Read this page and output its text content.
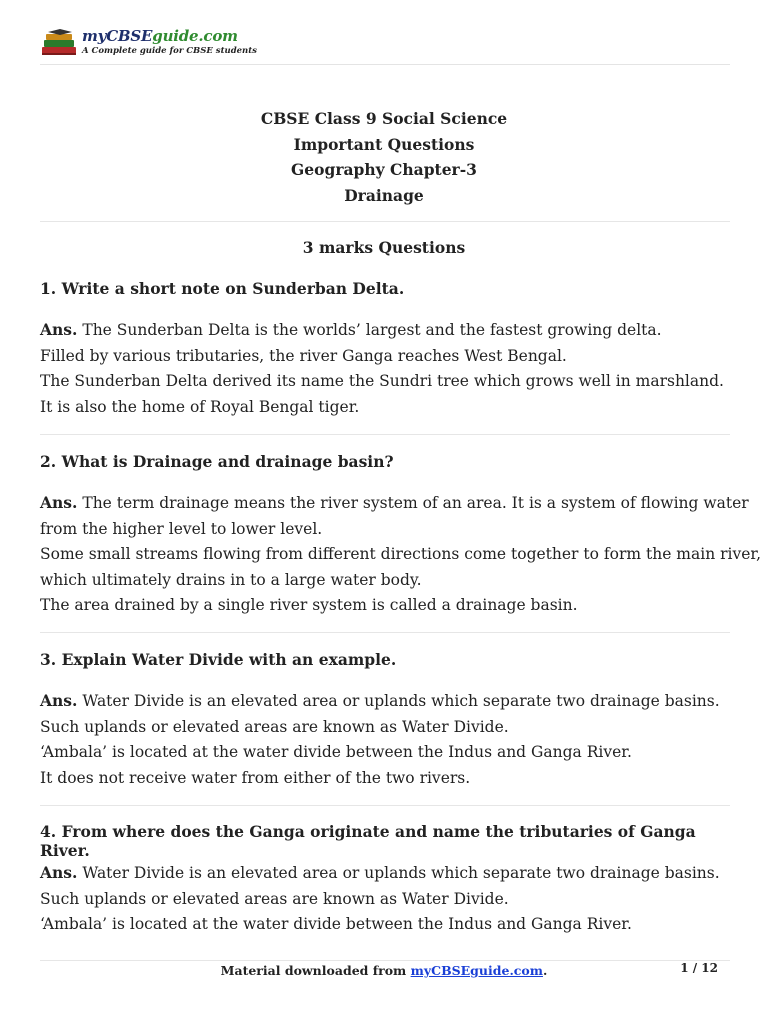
myCBSEguide.com
A Complete guide for CBSE students
CBSE Class 9 Social Science
Important Questions
Geography Chapter-3
Drainage
3 marks Questions
1. Write a short note on Sunderban Delta.
Ans. The Sunderban Delta is the worlds’ largest and the fastest growing delta.
Filled by various tributaries, the river Ganga reaches West Bengal.
The Sunderban Delta derived its name the Sundri tree which grows well in marshland.
It is also the home of Royal Bengal tiger.
2. What is Drainage and drainage basin?
Ans. The term drainage means the river system of an area. It is a system of flowing water
from the higher level to lower level.
Some small streams flowing from different directions come together to form the main river,
which ultimately drains in to a large water body.
The area drained by a single river system is called a drainage basin.
3. Explain Water Divide with an example.
Ans. Water Divide is an elevated area or uplands which separate two drainage basins.
Such uplands or elevated areas are known as Water Divide.
‘Ambala’ is located at the water divide between the Indus and Ganga River.
It does not receive water from either of the two rivers.
4. From where does the Ganga originate and name the tributaries of Ganga River.
Ans. Water Divide is an elevated area or uplands which separate two drainage basins.
Such uplands or elevated areas are known as Water Divide.
‘Ambala’ is located at the water divide between the Indus and Ganga River.
Material downloaded from myCBSEguide.com.	1 / 12
